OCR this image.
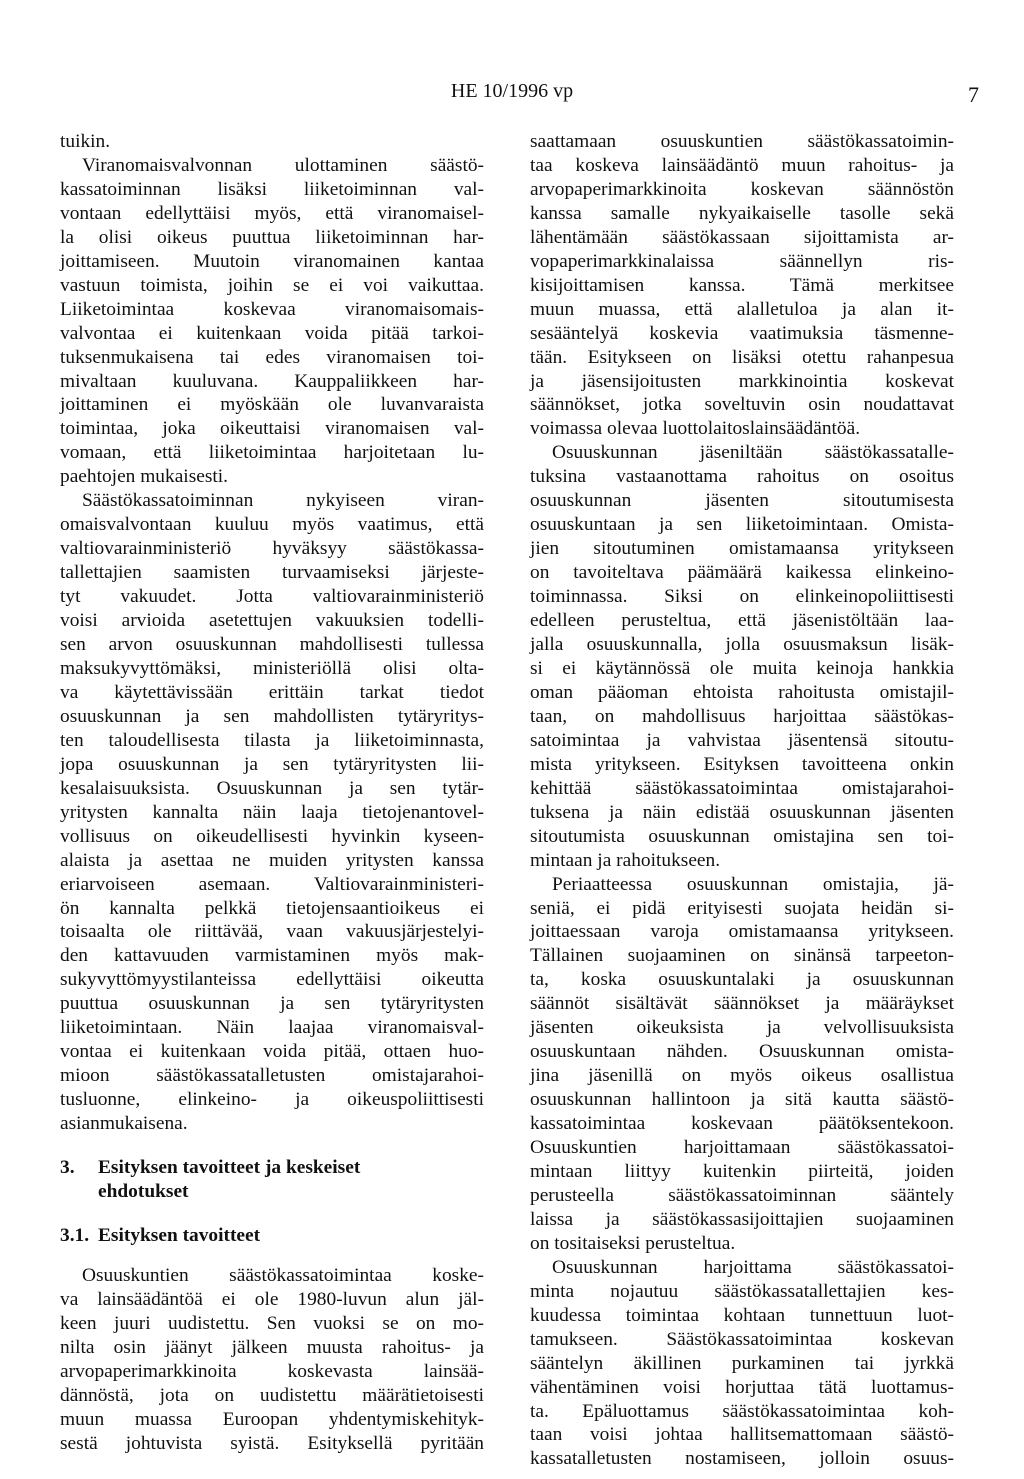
HE 10/1996 vp	7
tuikin.
Viranomaisvalvonnan ulottaminen säästö-
kassatoiminnan lisäksi liiketoiminnan val-
vontaan edellyttäisi myös, että viranomaisel-
la olisi oikeus puuttua liiketoiminnan har-
joittamiseen. Muutoin viranomainen kantaa
vastuun toimista, joihin se ei voi vaikuttaa.
Liiketoimintaa koskevaa viranomaisomais-
valvontaa ei kuitenkaan voida pitää tarkoi-
tuksenmukaisena tai edes viranomaisen toi-
mivaltaan kuuluvana. Kauppaliikkeen har-
joittaminen ei myöskään ole luvanvaraista
toimintaa, joka oikeuttaisi viranomaisen val-
vomaan, että liiketoimintaa harjoitetaan lu-
paehtojen mukaisesti.
Säästökassatoiminnan nykyiseen viran-
omaisvalvontaan kuuluu myös vaatimus, että
valtiovarainministeriö hyväksyy säästökassa-
tallettajien saamisten turvaamiseksi järjeste-
tyt vakuudet. Jotta valtiovarainministeriö
voisi arvioida asetettujen vakuuksien todelli-
sen arvon osuuskunnan mahdollisesti tullessa
maksukyvyttömäksi, ministeriöllä olisi olta-
va käytettävissään erittäin tarkat tiedot
osuuskunnan ja sen mahdollisten tytäryritys-
ten taloudellisesta tilasta ja liiketoiminnasta,
jopa osuuskunnan ja sen tytäryritysten lii-
kesalaisuuksista. Osuuskunnan ja sen tytär-
yritysten kannalta näin laaja tietojenantovel-
vollisuus on oikeudellisesti hyvinkin kyseen-
alaista ja asettaa ne muiden yritysten kanssa
eriarvoiseen asemaan. Valtiovarainministeri-
ön kannalta pelkkä tietojensaantioikeus ei
toisaalta ole riittävää, vaan vakuusjärjestelyi-
den kattavuuden varmistaminen myös mak-
sukyvyttömyystilanteissa edellyttäisi oikeutta
puuttua osuuskunnan ja sen tytäryritysten
liiketoimintaan. Näin laajaa viranomaisval-
vontaa ei kuitenkaan voida pitää, ottaen huo-
mioon säästökassatalletusten omistajarahoi-
tusluonne, elinkeino- ja oikeuspoliittisesti
asianmukaisena.
3.	Esityksen tavoitteet ja keskeiset
ehdotukset
3.1. Esityksen tavoitteet
Osuuskuntien säästökassatoimintaa koske-
va lainsäädäntöä ei ole 1980-luvun alun jäl-
keen juuri uudistettu. Sen vuoksi se on mo-
nilta osin jäänyt jälkeen muusta rahoitus- ja
arvopaperimarkkinoita koskevasta lainsää-
dännöstä, jota on uudistettu määrätietoisesti
muun muassa Euroopan yhdentymiskehityk-
sestä johtuvista syistä. Esityksellä pyritään
saattamaan osuuskuntien säästökassatoimin-
taa koskeva lainsäädäntö muun rahoitus- ja
arvopaperimarkkinoita koskevan säännöstön
kanssa samalle nykyaikaiselle tasolle sekä
lähentämään säästökassaan sijoittamista ar-
vopaperimarkkinalaissa säännellyn ris-
kisijoittamisen kanssa. Tämä merkitsee
muun muassa, että alalletuloa ja alan it-
sesääntelyä koskevia vaatimuksia täsmenne-
tään. Esitykseen on lisäksi otettu rahanpesua
ja jäsensijoitusten markkinointia koskevat
säännökset, jotka soveltuvin osin noudattavat
voimassa olevaa luottolaitoslainsäädäntöä.
Osuuskunnan jäseniltään säästökassatalle-
tuksina vastaanottama rahoitus on osoitus
osuuskunnan jäsenten sitoutumisesta
osuuskuntaan ja sen liiketoimintaan. Omista-
jien sitoutuminen omistamaansa yritykseen
on tavoiteltava päämäärä kaikessa elinkeino-
toiminnassa. Siksi on elinkeinopoliittisesti
edelleen perusteltua, että jäsenistöltään laa-
jalla osuuskunnalla, jolla osuusmaksun lisäk-
si ei käytännössä ole muita keinoja hankkia
oman pääoman ehtoista rahoitusta omistajil-
taan, on mahdollisuus harjoittaa säästökas-
satoimintaa ja vahvistaa jäsentensä sitoutu-
mista yritykseen. Esityksen tavoitteena onkin
kehittää säästökassatoimintaa omistajarahoi-
tuksena ja näin edistää osuuskunnan jäsenten
sitoutumista osuuskunnan omistajina sen toi-
mintaan ja rahoitukseen.
Periaatteessa osuuskunnan omistajia, jä-
seniä, ei pidä erityisesti suojata heidän si-
joittaessaan varoja omistamaansa yritykseen.
Tällainen suojaaminen on sinänsä tarpeeton-
ta, koska osuuskuntalaki ja osuuskunnan
säännöt sisältävät säännökset ja määräykset
jäsenten oikeuksista ja velvollisuuksista
osuuskuntaan nähden. Osuuskunnan omista-
jina jäsenillä on myös oikeus osallistua
osuuskunnan hallintoon ja sitä kautta säästö-
kassatoimintaa koskevaan päätöksentekoon.
Osuuskuntien harjoittamaan säästökassatoi-
mintaan liittyy kuitenkin piirteitä, joiden
perusteella säästökassatoiminnan sääntely
laissa ja säästökassasijoittajien suojaaminen
on tositaiseksi perusteltua.
Osuuskunnan harjoittama säästökassatoi-
minta nojautuu säästökassatallettajien kes-
kuudessa toimintaa kohtaan tunnettuun luot-
tamukseen. Säästökassatoimintaa koskevan
sääntelyn äkillinen purkaminen tai jyrkkä
vähentäminen voisi horjuttaa tätä luottamus-
ta. Epäluottamus säästökassatoimintaa koh-
taan voisi johtaa hallitsemattomaan säästö-
kassatalletusten nostamiseen, jolloin osuus-
